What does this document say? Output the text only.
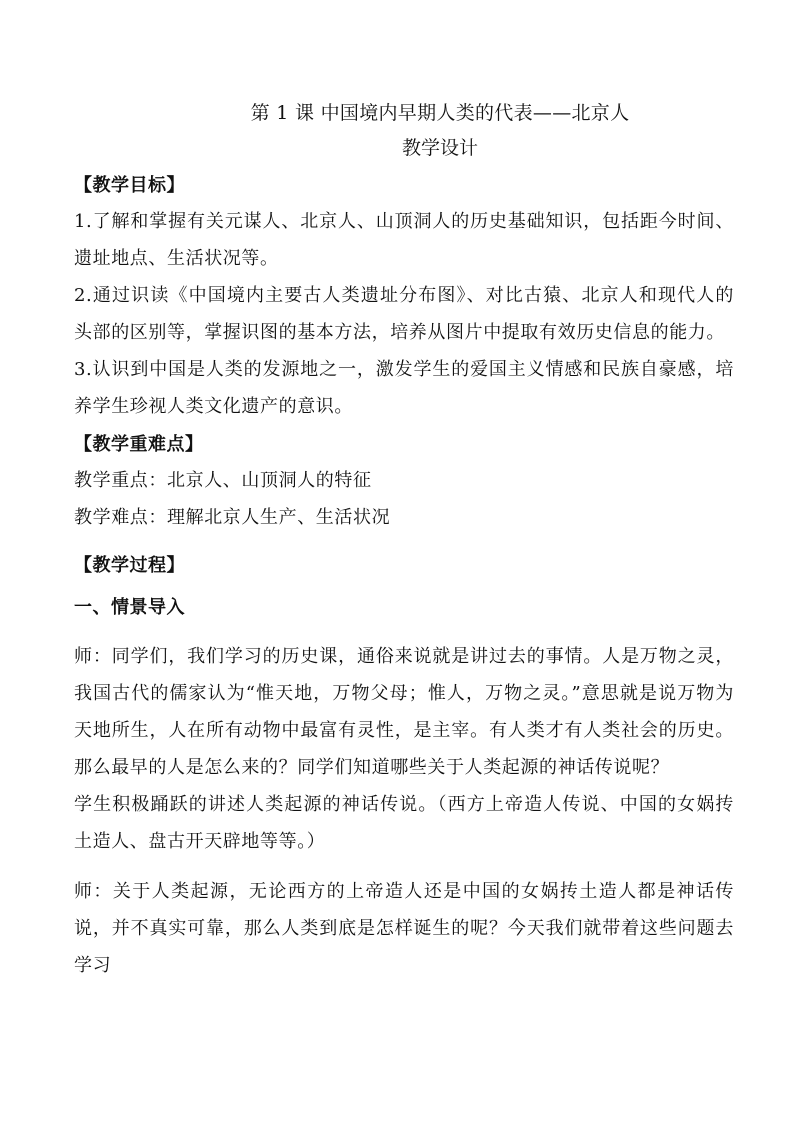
第 1 课 中国境内早期人类的代表——北京人

教学设计

【教学目标】

1.了解和掌握有关元谋人、北京人、山顶洞人的历史基础知识，包括距今时间、遗址地点、生活状况等。

2.通过识读《中国境内主要古人类遗址分布图》、对比古猿、北京人和现代人的头部的区别等，掌握识图的基本方法，培养从图片中提取有效历史信息的能力。

3.认识到中国是人类的发源地之一，激发学生的爱国主义情感和民族自豪感，培养学生珍视人类文化遗产的意识。

【教学重难点】

教学重点：北京人、山顶洞人的特征

教学难点：理解北京人生产、生活状况

【教学过程】

一、情景导入

师：同学们，我们学习的历史课，通俗来说就是讲过去的事情。人是万物之灵，我国古代的儒家认为“惟天地，万物父母；惟人，万物之灵。”意思就是说万物为天地所生，人在所有动物中最富有灵性，是主宰。有人类才有人类社会的历史。那么最早的人是怎么来的？同学们知道哪些关于人类起源的神话传说呢？

学生积极踊跃的讲述人类起源的神话传说。（西方上帝造人传说、中国的女娲抟土造人、盘古开天辟地等等。）

师：关于人类起源，无论西方的上帝造人还是中国的女娲抟土造人都是神话传说，并不真实可靠，那么人类到底是怎样诞生的呢？今天我们就带着这些问题去学习
